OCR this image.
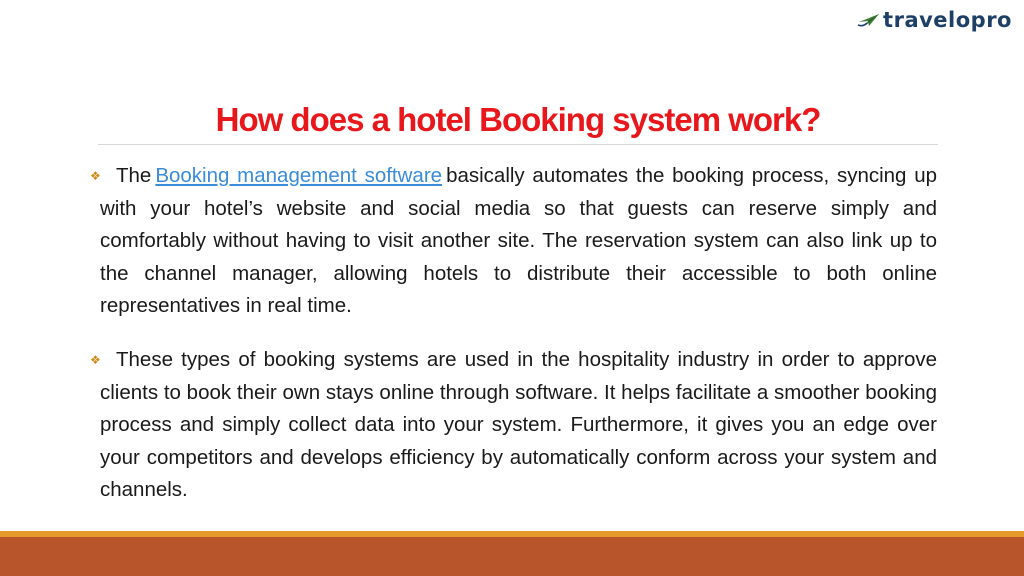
travelopro
How does a hotel Booking system work?

❖ The Booking management software basically automates the booking process, syncing up with your hotel’s website and social media so that guests can reserve simply and comfortably without having to visit another site. The reservation system can also link up to the channel manager, allowing hotels to distribute their accessible to both online representatives in real time.

❖ These types of booking systems are used in the hospitality industry in order to approve clients to book their own stays online through software. It helps facilitate a smoother booking process and simply collect data into your system. Furthermore, it gives you an edge over your competitors and develops efficiency by automatically conform across your system and channels.
